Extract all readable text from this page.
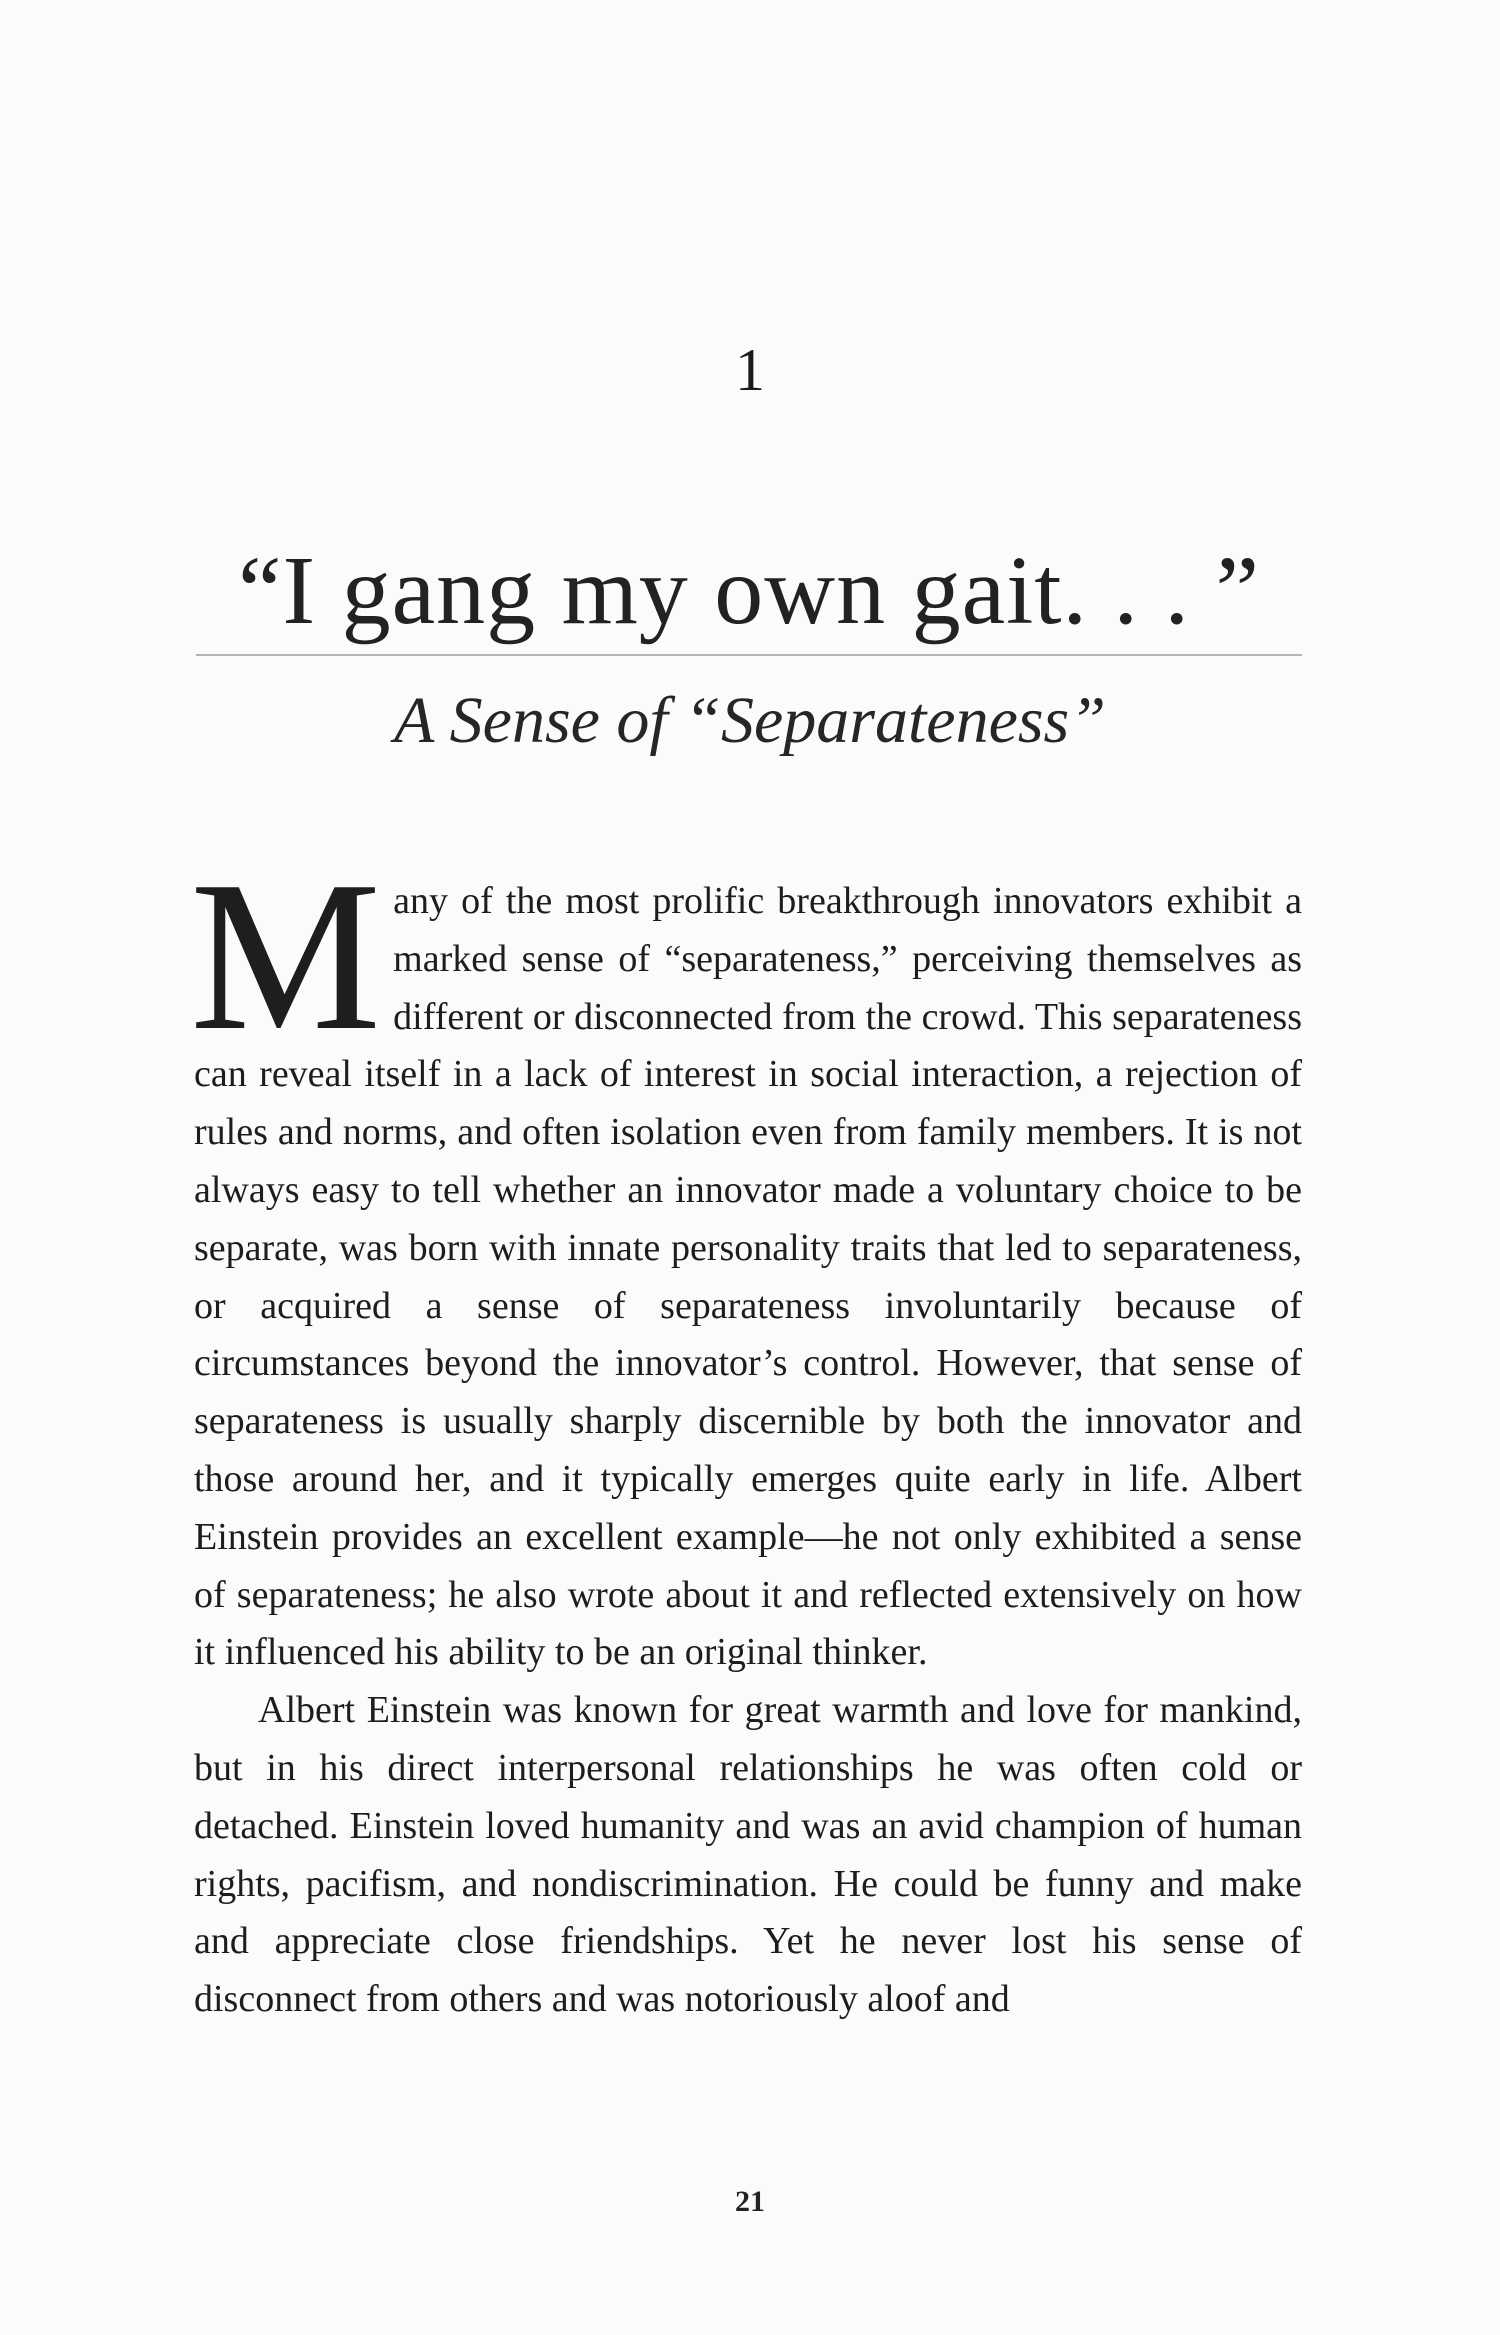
1
“I gang my own gait. . . ”
A Sense of “Separateness”

Many of the most prolific breakthrough innovators exhibit a marked sense of “separateness,” perceiving themselves as different or disconnected from the crowd. This separateness can reveal itself in a lack of interest in social interaction, a rejection of rules and norms, and often isolation even from family members. It is not always easy to tell whether an innovator made a voluntary choice to be separate, was born with innate personality traits that led to separateness, or acquired a sense of separateness involuntarily because of circumstances beyond the innovator’s control. However, that sense of separateness is usually sharply discernible by both the innovator and those around her, and it typically emerges quite early in life. Albert Einstein provides an excellent example—he not only exhibited a sense of separateness; he also wrote about it and reflected extensively on how it influenced his ability to be an original thinker.

Albert Einstein was known for great warmth and love for mankind, but in his direct interpersonal relationships he was often cold or detached. Einstein loved humanity and was an avid champion of human rights, pacifism, and nondiscrimination. He could be funny and make and appreciate close friendships. Yet he never lost his sense of disconnect from others and was notoriously aloof and

21
